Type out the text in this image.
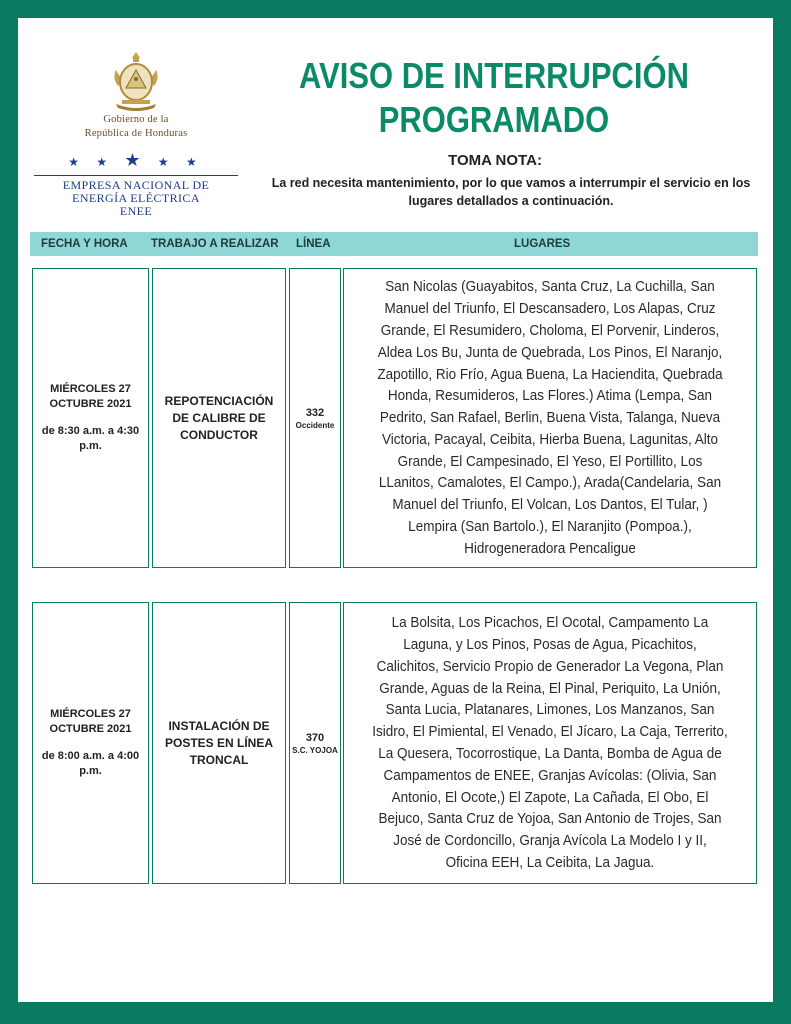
Gobierno de la
República de Honduras
★ ★ ★ ★ ★
EMPRESA NACIONAL DE
ENERGÍA ELÉCTRICA
ENEE
AVISO DE INTERRUPCIÓN
PROGRAMADO
TOMA NOTA:
La red necesita mantenimiento, por lo que vamos a interrumpir el servicio en los lugares detallados a continuación.
FECHA Y HORA TRABAJO A REALIZAR LÍNEA	LUGARES
MIÉRCOLES 27 OCTUBRE 2021
de 8:30 a.m. a 4:30 p.m.
REPOTENCIACIÓN DE CALIBRE DE CONDUCTOR
332
Occidente
San Nicolas (Guayabitos, Santa Cruz, La Cuchilla, San Manuel del Triunfo, El Descansadero, Los Alapas, Cruz Grande, El Resumidero, Choloma, El Porvenir, Linderos, Aldea Los Bu, Junta de Quebrada, Los Pinos, El Naranjo, Zapotillo, Rio Frío, Agua Buena, La Haciendita, Quebrada Honda, Resumideros, Las Flores.) Atima (Lempa, San Pedrito, San Rafael, Berlin, Buena Vista, Talanga, Nueva Victoria, Pacayal, Ceibita, Hierba Buena, Lagunitas, Alto Grande, El Campesinado, El Yeso, El Portillito, Los LLanitos, Camalotes, El Campo.), Arada(Candelaria, San Manuel del Triunfo, El Volcan, Los Dantos, El Tular, ) Lempira (San Bartolo.), El Naranjito (Pompoa.), Hidrogeneradora Pencaligue
MIÉRCOLES 27 OCTUBRE 2021
de 8:00 a.m. a 4:00 p.m.
INSTALACIÓN DE POSTES EN LÍNEA TRONCAL
370
S.C. YOJOA
La Bolsita, Los Picachos, El Ocotal, Campamento La Laguna, y Los Pinos, Posas de Agua, Picachitos, Calichitos, Servicio Propio de Generador La Vegona, Plan Grande, Aguas de la Reina, El Pinal, Periquito, La Unión, Santa Lucia, Platanares, Limones, Los Manzanos, San Isidro, El Pimiental, El Venado, El Jícaro, La Caja, Terrerito, La Quesera, Tocorrostique, La Danta, Bomba de Agua de Campamentos de ENEE, Granjas Avícolas: (Olivia, San Antonio, El Ocote,) El Zapote, La Cañada, El Obo, El Bejuco, Santa Cruz de Yojoa, San Antonio de Trojes, San José de Cordoncillo, Granja Avícola La Modelo I y II, Oficina EEH, La Ceibita, La Jagua.
